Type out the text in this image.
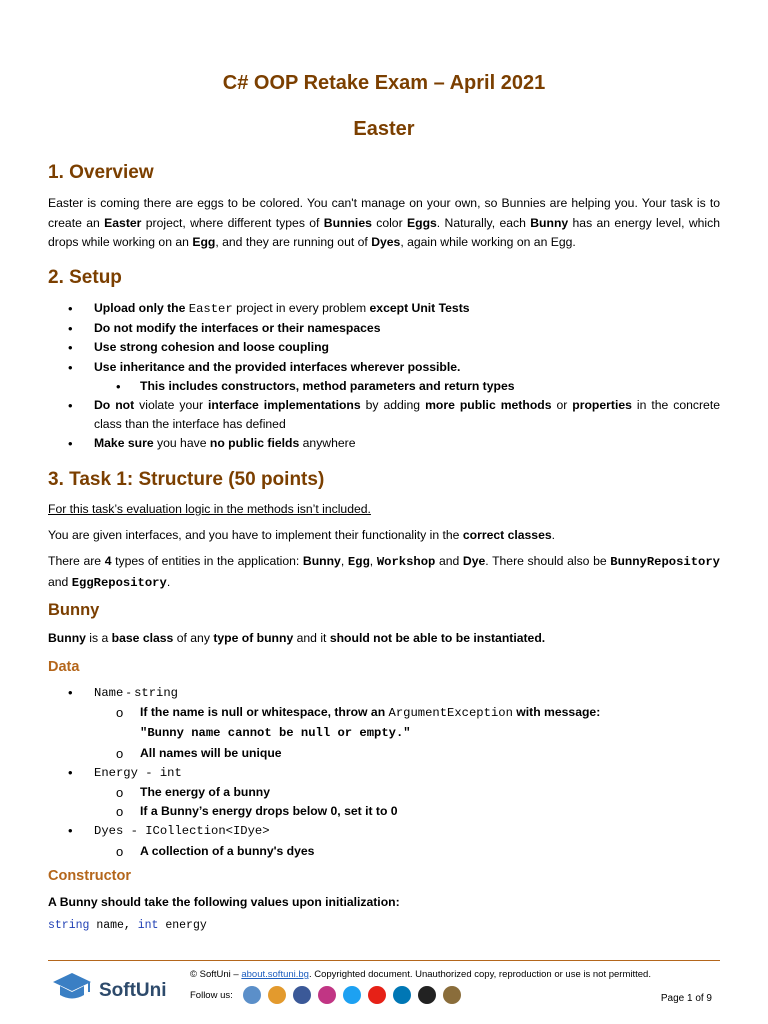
C# OOP Retake Exam – April 2021
Easter
1. Overview
Easter is coming there are eggs to be colored. You can't manage on your own, so Bunnies are helping you. Your task is to create an Easter project, where different types of Bunnies color Eggs. Naturally, each Bunny has an energy level, which drops while working on an Egg, and they are running out of Dyes, again while working on an Egg.
2. Setup
• Upload only the Easter project in every problem except Unit Tests
• Do not modify the interfaces or their namespaces
• Use strong cohesion and loose coupling
• Use inheritance and the provided interfaces wherever possible.
• This includes constructors, method parameters and return types
• Do not violate your interface implementations by adding more public methods or properties in the concrete class than the interface has defined
• Make sure you have no public fields anywhere
3. Task 1: Structure (50 points)
For this task’s evaluation logic in the methods isn’t included.
You are given interfaces, and you have to implement their functionality in the correct classes.
There are 4 types of entities in the application: Bunny, Egg, Workshop and Dye. There should also be BunnyRepository and EggRepository.
Bunny
Bunny is a base class of any type of bunny and it should not be able to be instantiated.
Data
• Name - string
o If the name is null or whitespace, throw an ArgumentException with message:
"Bunny name cannot be null or empty."
o All names will be unique
• Energy - int
o The energy of a bunny
o If a Bunny’s energy drops below 0, set it to 0
• Dyes - ICollection<IDye>
o A collection of a bunny's dyes
Constructor
A Bunny should take the following values upon initialization:
string name, int energy
SoftUni
© SoftUni – about.softuni.bg. Copyrighted document. Unauthorized copy, reproduction or use is not permitted.
Follow us:	Page 1 of 9
